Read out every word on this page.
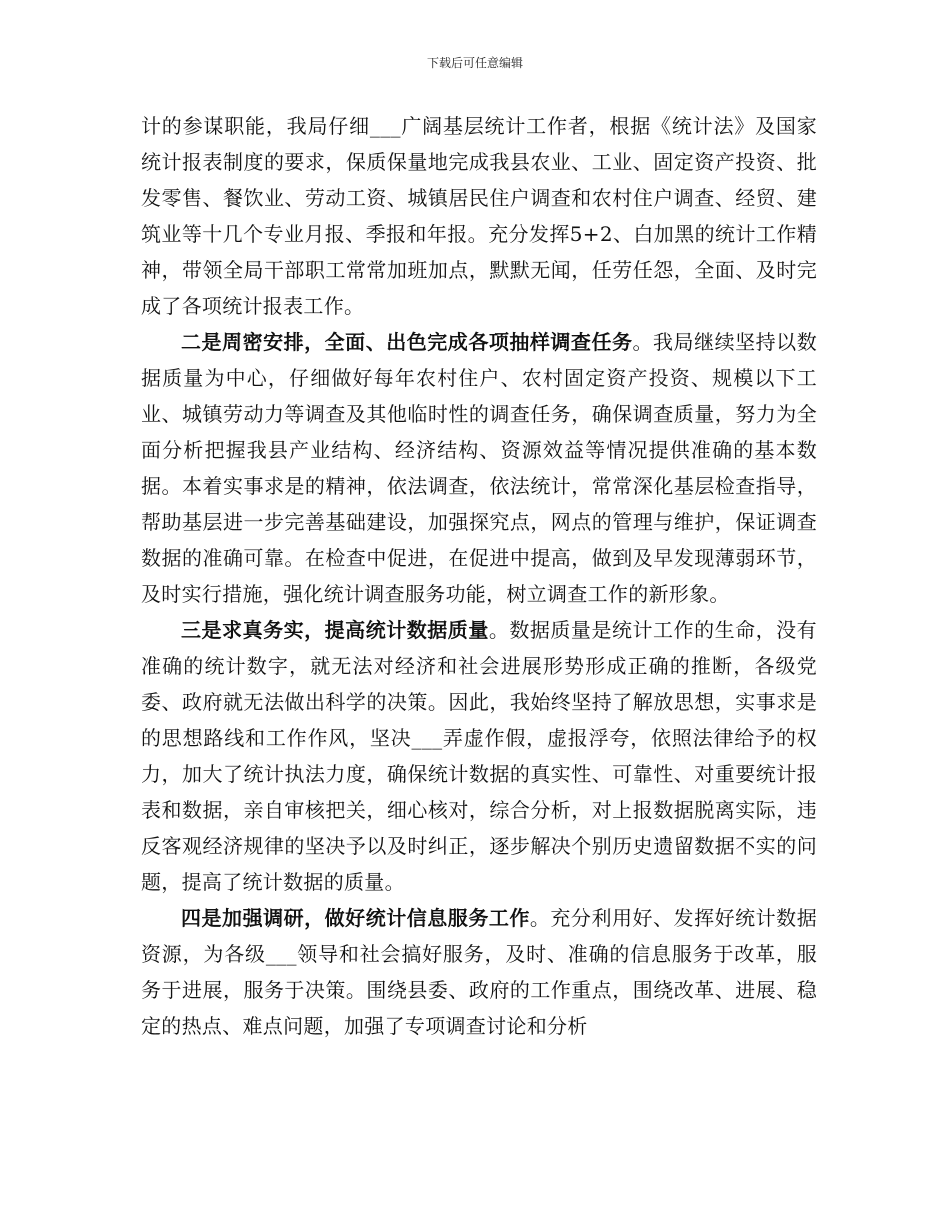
下载后可任意编辑

计的参谋职能，我局仔细___广阔基层统计工作者，根据《统计法》及国家统计报表制度的要求，保质保量地完成我县农业、工业、固定资产投资、批发零售、餐饮业、劳动工资、城镇居民住户调查和农村住户调查、经贸、建筑业等十几个专业月报、季报和年报。充分发挥5+2、白加黑的统计工作精神，带领全局干部职工常常加班加点，默默无闻，任劳任怨，全面、及时完成了各项统计报表工作。

二是周密安排，全面、出色完成各项抽样调查任务。我局继续坚持以数据质量为中心，仔细做好每年农村住户、农村固定资产投资、规模以下工业、城镇劳动力等调查及其他临时性的调查任务，确保调查质量，努力为全面分析把握我县产业结构、经济结构、资源效益等情况提供准确的基本数据。本着实事求是的精神，依法调查，依法统计，常常深化基层检查指导，帮助基层进一步完善基础建设，加强探究点，网点的管理与维护，保证调查数据的准确可靠。在检查中促进，在促进中提高，做到及早发现薄弱环节，及时实行措施，强化统计调查服务功能，树立调查工作的新形象。

三是求真务实，提高统计数据质量。数据质量是统计工作的生命，没有准确的统计数字，就无法对经济和社会进展形势形成正确的推断，各级党委、政府就无法做出科学的决策。因此，我始终坚持了解放思想，实事求是的思想路线和工作作风，坚决___弄虚作假，虚报浮夸，依照法律给予的权力，加大了统计执法力度，确保统计数据的真实性、可靠性、对重要统计报表和数据，亲自审核把关，细心核对，综合分析，对上报数据脱离实际，违反客观经济规律的坚决予以及时纠正，逐步解决个别历史遗留数据不实的问题，提高了统计数据的质量。

四是加强调研，做好统计信息服务工作。充分利用好、发挥好统计数据资源，为各级___领导和社会搞好服务，及时、准确的信息服务于改革，服务于进展，服务于决策。围绕县委、政府的工作重点，围绕改革、进展、稳定的热点、难点问题，加强了专项调查讨论和分析
